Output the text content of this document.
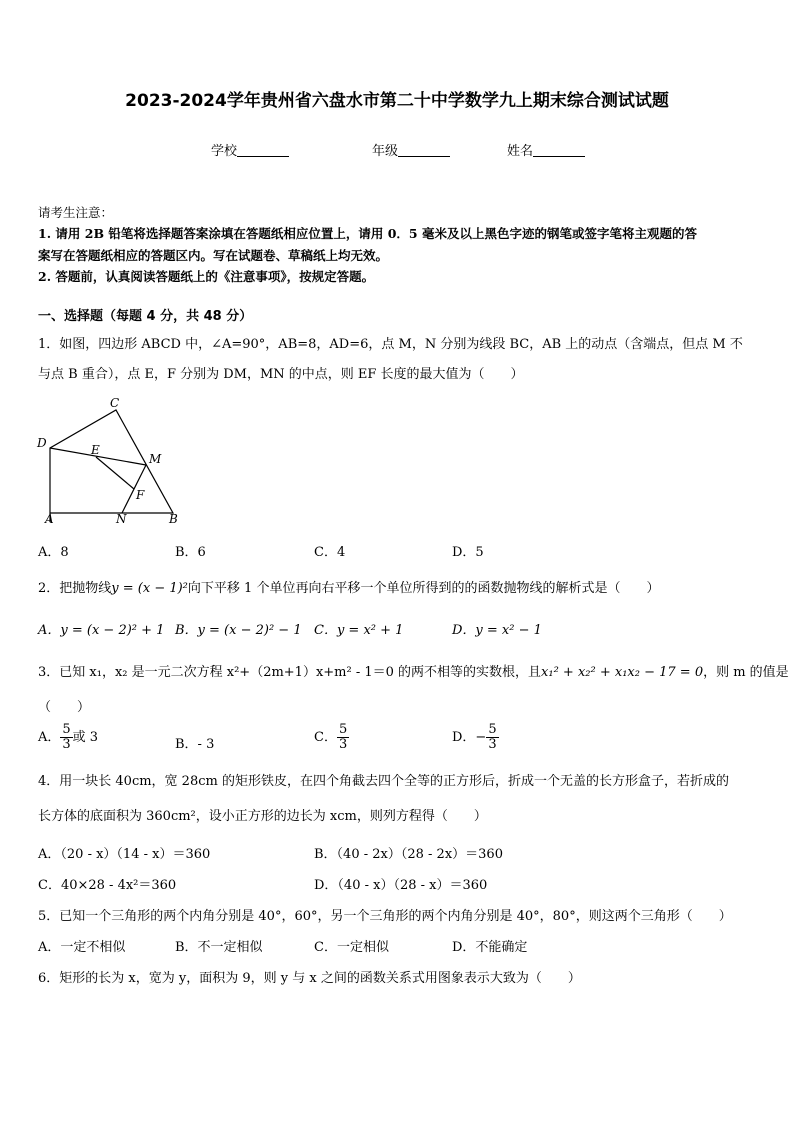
2023-2024学年贵州省六盘水市第二十中学数学九上期末综合测试试题
学校	年级	姓名
请考生注意：
1. 请用 2B 铅笔将选择题答案涂填在答题纸相应位置上，请用 0．5 毫米及以上黑色字迹的钢笔或签字笔将主观题的答
案写在答题纸相应的答题区内。写在试题卷、草稿纸上均无效。
2. 答题前，认真阅读答题纸上的《注意事项》，按规定答题。
一、选择题（每题 4 分，共 48 分）
1．如图，四边形 ABCD 中，∠A=90°，AB=8，AD=6，点 M，N 分别为线段 BC，AB 上的动点（含端点，但点 M 不
与点 B 重合），点 E，F 分别为 DM，MN 的中点，则 EF 长度的最大值为（　　）
C
D	E
M
F
A	N	B
A．8	B．6	C．4	D．5
2．把抛物线y = (x − 1)²向下平移 1 个单位再向右平移一个单位所得到的的函数抛物线的解析式是（　　）
A．y = (x − 2)² + 1 B．y = (x − 2)² − 1 C．y = x² + 1	D．y = x² − 1
3．已知 x₁，x₂ 是一元二次方程 x²+（2m+1）x+m² - 1＝0 的两不相等的实数根，且x₁² + x₂² + x₁x₂ − 17 = 0，则 m 的值是
（　　）
A． $\frac{5}{3}$ 或 3	B．- 3	C． $\frac{5}{3}$	D．− $\frac{5}{3}$
4．用一块长 40cm，宽 28cm 的矩形铁皮，在四个角截去四个全等的正方形后，折成一个无盖的长方形盒子，若折成的
长方体的底面积为 360cm²，设小正方形的边长为 xcm，则列方程得（　　）
A．（20 - x）（14 - x）＝360	B．（40 - 2x）（28 - 2x）＝360
C．40×28 - 4x²＝360	D．（40 - x）（28 - x）＝360
5．已知一个三角形的两个内角分别是 40°，60°，另一个三角形的两个内角分别是 40°，80°，则这两个三角形（　　）
A．一定不相似	B．不一定相似	C．一定相似	D．不能确定
6．矩形的长为 x，宽为 y，面积为 9，则 y 与 x 之间的函数关系式用图象表示大致为（　　）
